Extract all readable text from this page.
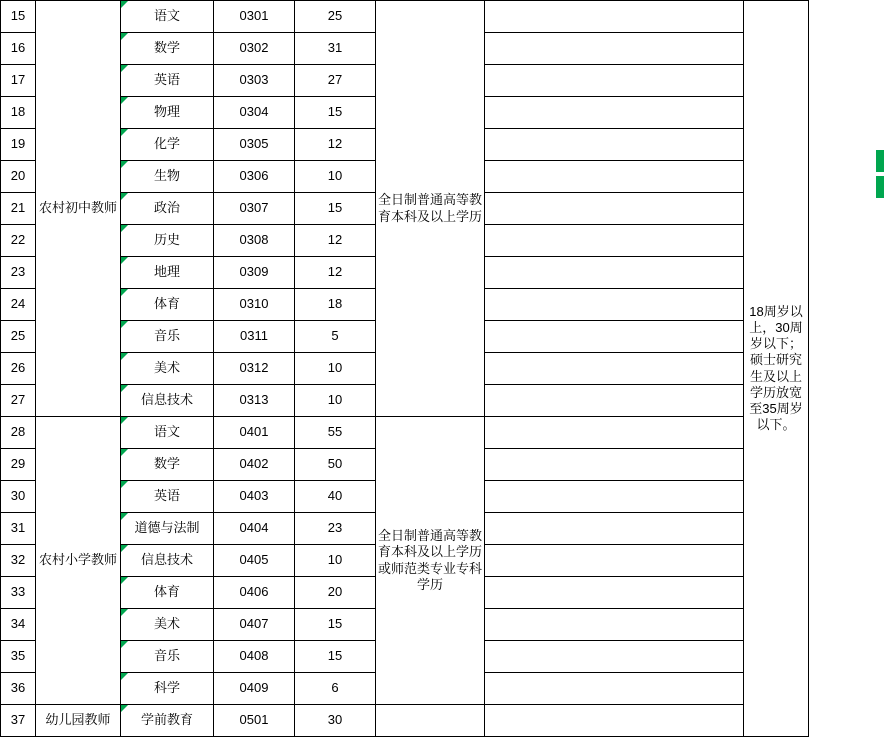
15	农村初中教师	语文	0301	25	全日制普通高等教育本科及以上学历		18周岁以上，30周岁以下；硕士研究生及以上学历放宽至35周岁以下。
16		数学	0302	31			
17		英语	0303	27			
18		物理	0304	15			
19		化学	0305	12			
20		生物	0306	10			
21		政治	0307	15			
22		历史	0308	12			
23		地理	0309	12			
24		体育	0310	18			
25		音乐	0311	5			
26		美术	0312	10			
27		信息技术	0313	10			
28	农村小学教师	语文	0401	55	全日制普通高等教育本科及以上学历或师范类专业专科学历		
29		数学	0402	50			
30		英语	0403	40			
31		道德与法制	0404	23			
32		信息技术	0405	10			
33		体育	0406	20			
34		美术	0407	15			
35		音乐	0408	15			
36		科学	0409	6			
37	幼儿园教师	学前教育	0501	30			
